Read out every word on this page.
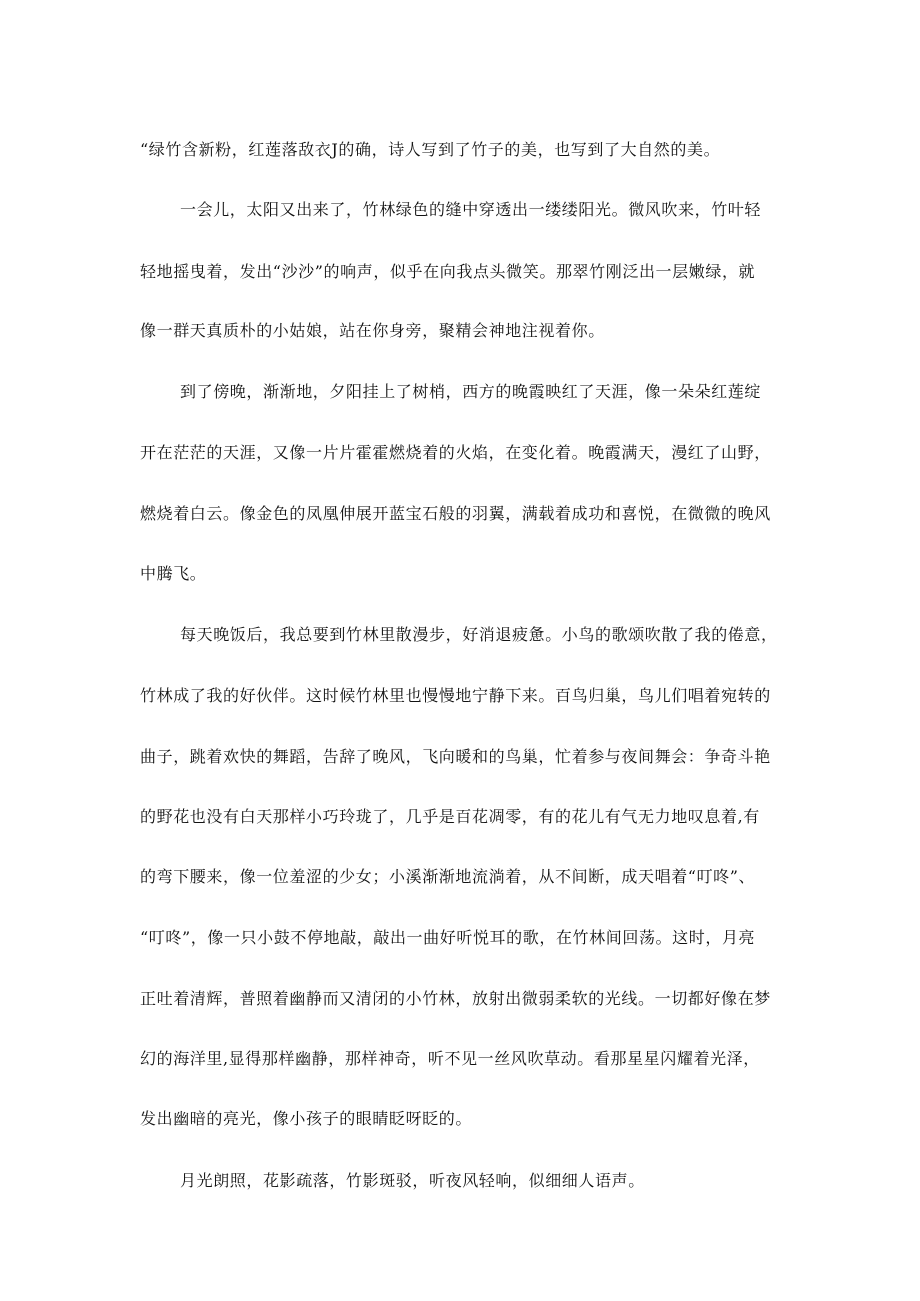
“绿竹含新粉，红莲落敌衣J的确，诗人写到了竹子的美，也写到了大自然的美。
一会儿，太阳又出来了，竹林绿色的缝中穿透出一缕缕阳光。微风吹来，竹叶轻
轻地摇曳着，发出“沙沙”的响声，似乎在向我点头微笑。那翠竹刚泛出一层嫩绿，就
像一群天真质朴的小姑娘，站在你身旁，聚精会神地注视着你。
到了傍晚，渐渐地，夕阳挂上了树梢，西方的晚霞映红了天涯，像一朵朵红莲绽
开在茫茫的天涯，又像一片片霍霍燃烧着的火焰，在变化着。晚霞满天，漫红了山野，
燃烧着白云。像金色的凤凰伸展开蓝宝石般的羽翼，满载着成功和喜悦，在微微的晚风
中腾飞。
每天晚饭后，我总要到竹林里散漫步，好消退疲惫。小鸟的歌颂吹散了我的倦意，
竹林成了我的好伙伴。这时候竹林里也慢慢地宁静下来。百鸟归巢，鸟儿们唱着宛转的
曲子，跳着欢快的舞蹈，告辞了晚风，飞向暖和的鸟巢，忙着参与夜间舞会：争奇斗艳
的野花也没有白天那样小巧玲珑了，几乎是百花凋零，有的花儿有气无力地叹息着,有
的弯下腰来，像一位羞涩的少女；小溪渐渐地流淌着，从不间断，成天唱着“叮咚”、
“叮咚”，像一只小鼓不停地敲，敲出一曲好听悦耳的歌，在竹林间回荡。这时，月亮
正吐着清辉，普照着幽静而又清闭的小竹林，放射出微弱柔软的光线。一切都好像在梦
幻的海洋里,显得那样幽静，那样神奇，听不见一丝风吹草动。看那星星闪耀着光泽，
发出幽暗的亮光，像小孩子的眼睛眨呀眨的。
月光朗照，花影疏落，竹影斑驳，听夜风轻响，似细细人语声。
